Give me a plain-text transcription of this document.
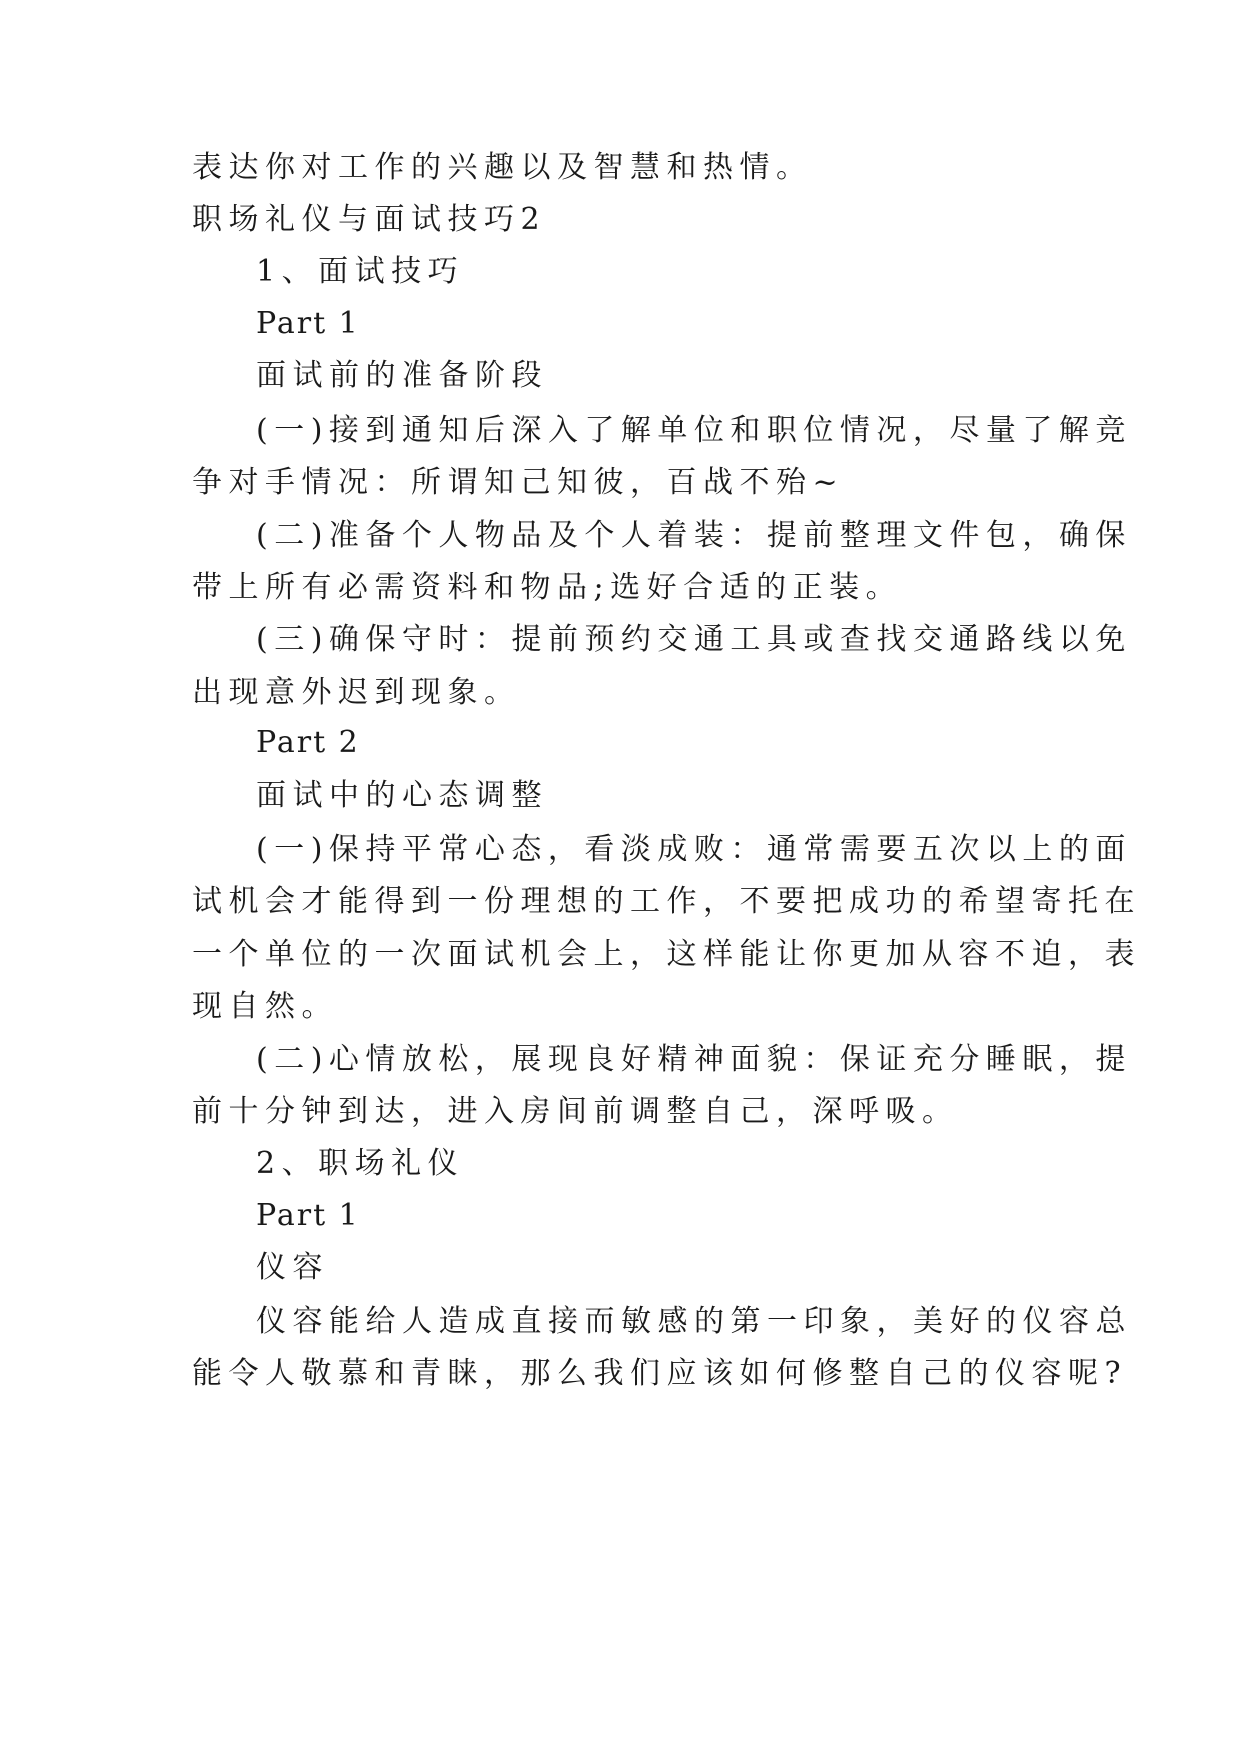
表达你对工作的兴趣以及智慧和热情。
职场礼仪与面试技巧2
1、面试技巧
Part 1
面试前的准备阶段
(一)接到通知后深入了解单位和职位情况，尽量了解竞
争对手情况：所谓知己知彼，百战不殆~
(二)准备个人物品及个人着装：提前整理文件包，确保
带上所有必需资料和物品;选好合适的正装。
(三)确保守时：提前预约交通工具或查找交通路线以免
出现意外迟到现象。
Part 2
面试中的心态调整
(一)保持平常心态，看淡成败：通常需要五次以上的面
试机会才能得到一份理想的工作，不要把成功的希望寄托在
一个单位的一次面试机会上，这样能让你更加从容不迫，表
现自然。
(二)心情放松，展现良好精神面貌：保证充分睡眠，提
前十分钟到达，进入房间前调整自己，深呼吸。
2、职场礼仪
Part 1
仪容
仪容能给人造成直接而敏感的第一印象，美好的仪容总
能令人敬慕和青睐，那么我们应该如何修整自己的仪容呢?
